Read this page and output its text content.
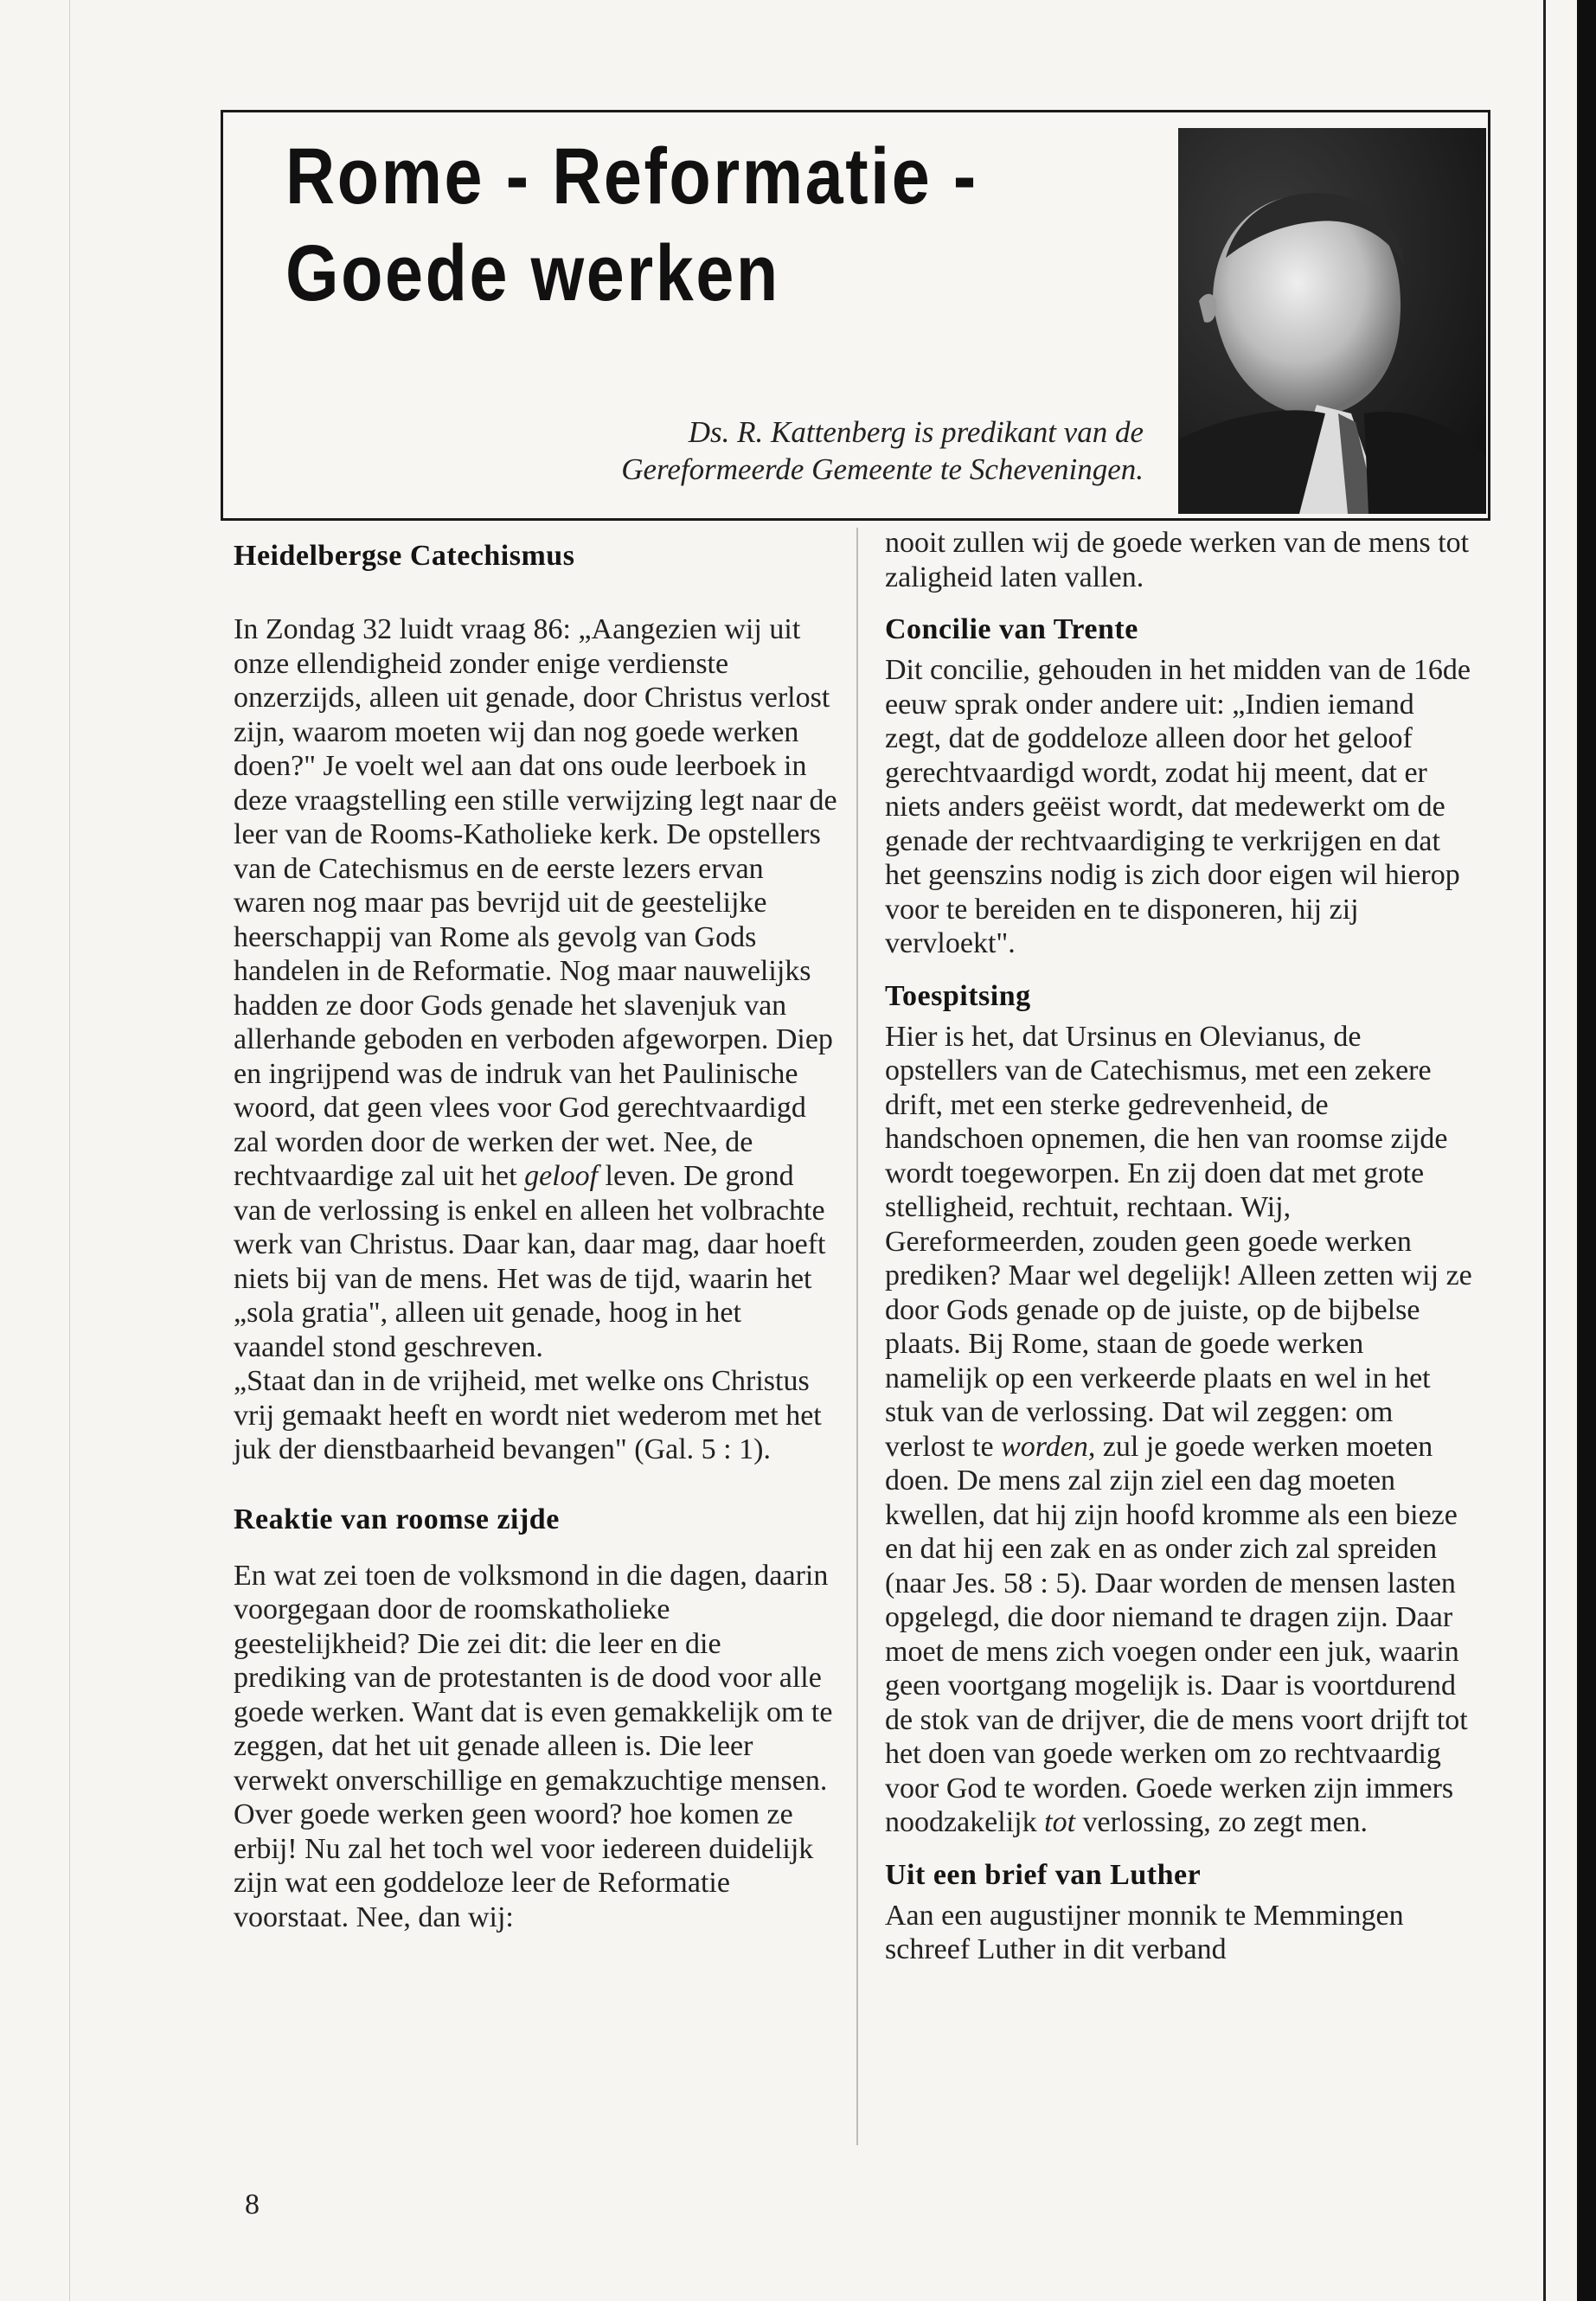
Rome - Reformatie -
Goede werken
Ds. R. Kattenberg is predikant van de
Gereformeerde Gemeente te Scheveningen.
Heidelbergse Catechismus

In Zondag 32 luidt vraag 86: „Aangezien wij uit onze ellendigheid zonder enige verdienste onzerzijds, alleen uit genade, door Christus verlost zijn, waarom moeten wij dan nog goede werken doen?" Je voelt wel aan dat ons oude leerboek in deze vraagstelling een stille verwijzing legt naar de leer van de Rooms-Katholieke kerk. De opstellers van de Catechismus en de eerste lezers ervan waren nog maar pas bevrijd uit de geestelijke heerschappij van Rome als gevolg van Gods handelen in de Reformatie. Nog maar nauwelijks hadden ze door Gods genade het slavenjuk van allerhande geboden en verboden afgeworpen. Diep en ingrijpend was de indruk van het Paulinische woord, dat geen vlees voor God gerechtvaardigd zal worden door de werken der wet. Nee, de rechtvaardige zal uit het geloof leven. De grond van de verlossing is enkel en alleen het volbrachte werk van Christus. Daar kan, daar mag, daar hoeft niets bij van de mens. Het was de tijd, waarin het „sola gratia", alleen uit genade, hoog in het vaandel stond geschreven.

„Staat dan in de vrijheid, met welke ons Christus vrij gemaakt heeft en wordt niet wederom met het juk der dienstbaarheid bevangen" (Gal. 5 : 1).

Reaktie van roomse zijde

En wat zei toen de volksmond in die dagen, daarin voorgegaan door de roomskatholieke geestelijkheid? Die zei dit: die leer en die prediking van de protestanten is de dood voor alle goede werken. Want dat is even gemakkelijk om te zeggen, dat het uit genade alleen is. Die leer verwekt onverschillige en gemakzuchtige mensen. Over goede werken geen woord? hoe komen ze erbij! Nu zal het toch wel voor iedereen duidelijk zijn wat een goddeloze leer de Reformatie voorstaat. Nee, dan wij:

nooit zullen wij de goede werken van de mens tot zaligheid laten vallen.

Concilie van Trente

Dit concilie, gehouden in het midden van de 16de eeuw sprak onder andere uit: „Indien iemand zegt, dat de goddeloze alleen door het geloof gerechtvaardigd wordt, zodat hij meent, dat er niets anders geëist wordt, dat medewerkt om de genade der rechtvaardiging te verkrijgen en dat het geenszins nodig is zich door eigen wil hierop voor te bereiden en te disponeren, hij zij vervloekt".

Toespitsing

Hier is het, dat Ursinus en Olevianus, de opstellers van de Catechismus, met een zekere drift, met een sterke gedrevenheid, de handschoen opnemen, die hen van roomse zijde wordt toegeworpen. En zij doen dat met grote stelligheid, rechtuit, rechtaan. Wij, Gereformeerden, zouden geen goede werken prediken? Maar wel degelijk! Alleen zetten wij ze door Gods genade op de juiste, op de bijbelse plaats. Bij Rome, staan de goede werken namelijk op een verkeerde plaats en wel in het stuk van de verlossing. Dat wil zeggen: om verlost te worden, zul je goede werken moeten doen. De mens zal zijn ziel een dag moeten kwellen, dat hij zijn hoofd kromme als een bieze en dat hij een zak en as onder zich zal spreiden (naar Jes. 58 : 5). Daar worden de mensen lasten opgelegd, die door niemand te dragen zijn. Daar moet de mens zich voegen onder een juk, waarin geen voortgang mogelijk is. Daar is voortdurend de stok van de drijver, die de mens voort drijft tot het doen van goede werken om zo rechtvaardig voor God te worden. Goede werken zijn immers noodzakelijk tot verlossing, zo zegt men.

Uit een brief van Luther

Aan een augustijner monnik te Memmingen schreef Luther in dit verband

8
